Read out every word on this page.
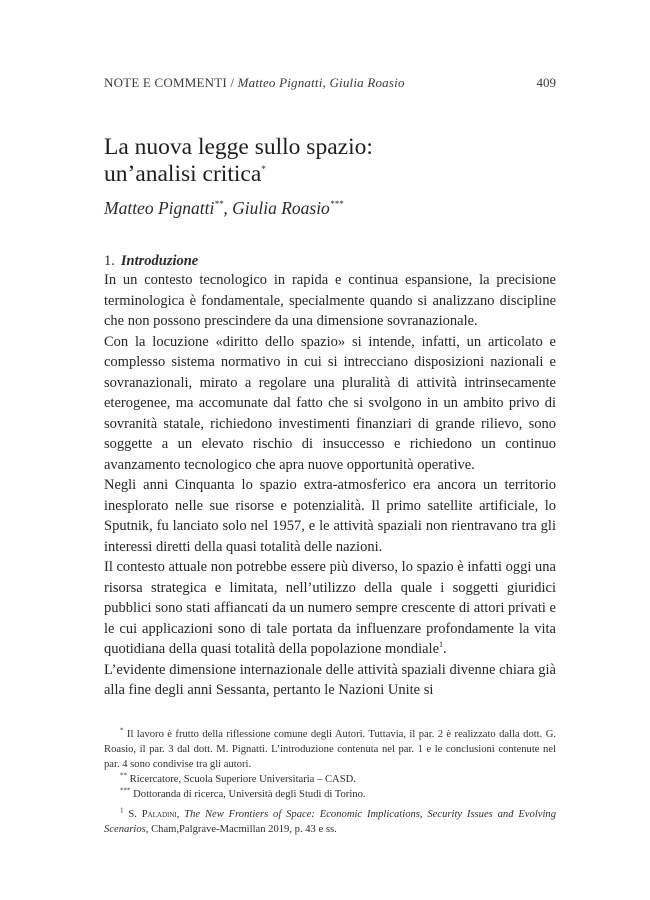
NOTE E COMMENTI / Matteo Pignatti, Giulia Roasio	409
La nuova legge sullo spazio:
un’analisi critica*
Matteo Pignatti**, Giulia Roasio***
1. Introduzione

In un contesto tecnologico in rapida e continua espansione, la precisione terminologica è fondamentale, specialmente quando si analizzano discipline che non possono prescindere da una dimensione sovranazionale.

Con la locuzione «diritto dello spazio» si intende, infatti, un articolato e complesso sistema normativo in cui si intrecciano disposizioni nazionali e sovranazionali, mirato a regolare una pluralità di attività intrinsecamente eterogenee, ma accomunate dal fatto che si svolgono in un ambito privo di sovranità statale, richiedono investimenti finanziari di grande rilievo, sono soggette a un elevato rischio di insuccesso e richiedono un continuo avanzamento tecnologico che apra nuove opportunità operative.

Negli anni Cinquanta lo spazio extra-atmosferico era ancora un territorio inesplorato nelle sue risorse e potenzialità. Il primo satellite artificiale, lo Sputnik, fu lanciato solo nel 1957, e le attività spaziali non rientravano tra gli interessi diretti della quasi totalità delle nazioni.

Il contesto attuale non potrebbe essere più diverso, lo spazio è infatti oggi una risorsa strategica e limitata, nell’utilizzo della quale i soggetti giuridici pubblici sono stati affiancati da un numero sempre crescente di attori privati e le cui applicazioni sono di tale portata da influenzare profondamente la vita quotidiana della quasi totalità della popolazione mondiale$^1$.

L’evidente dimensione internazionale delle attività spaziali divenne chiara già alla fine degli anni Sessanta, pertanto le Nazioni Unite si

* Il lavoro è frutto della riflessione comune degli Autori. Tuttavia, il par. 2 è realizzato dalla dott. G. Roasio, il par. 3 dal dott. M. Pignatti. L’introduzione contenuta nel par. 1 e le conclusioni contenute nel par. 4 sono condivise tra gli autori.

** Ricercatore, Scuola Superiore Universitaria – CASD.

*** Dottoranda di ricerca, Università degli Studi di Torino.

$^1$ S. Paladini, The New Frontiers of Space: Economic Implications, Security Issues and Evolving Scenarios, Cham,Palgrave-Macmillan 2019, p. 43 e ss.
